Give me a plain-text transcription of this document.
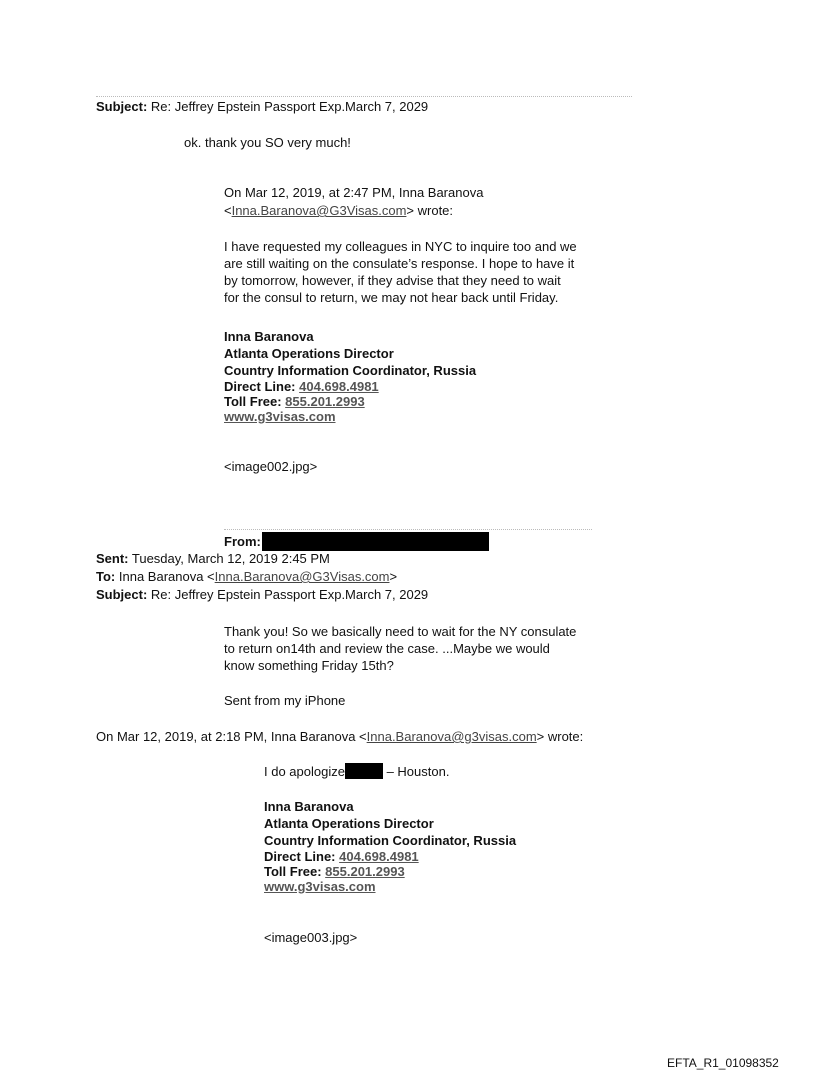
Subject: Re: Jeffrey Epstein Passport Exp.March 7, 2029
ok. thank you SO very much!
On Mar 12, 2019, at 2:47 PM, Inna Baranova
<Inna.Baranova@G3Visas.com> wrote:
I have requested my colleagues in NYC to inquire too and we
are still waiting on the consulate’s response. I hope to have it
by tomorrow, however, if they advise that they need to wait
for the consul to return, we may not hear back until Friday.
Inna Baranova
Atlanta Operations Director
Country Information Coordinator, Russia
Direct Line: 404.698.4981
Toll Free: 855.201.2993
www.g3visas.com
<image002.jpg>
From:
Sent: Tuesday, March 12, 2019 2:45 PM
To: Inna Baranova <Inna.Baranova@G3Visas.com>
Subject: Re: Jeffrey Epstein Passport Exp.March 7, 2029
Thank you! So we basically need to wait for the NY consulate
to return on14th and review the case. ...Maybe we would
know something Friday 15th?
Sent from my iPhone
On Mar 12, 2019, at 2:18 PM, Inna Baranova <Inna.Baranova@g3visas.com> wrote:
I do apologize	– Houston.
Inna Baranova
Atlanta Operations Director
Country Information Coordinator, Russia
Direct Line: 404.698.4981
Toll Free: 855.201.2993
www.g3visas.com
<image003.jpg>
EFTA_R1_01098352
